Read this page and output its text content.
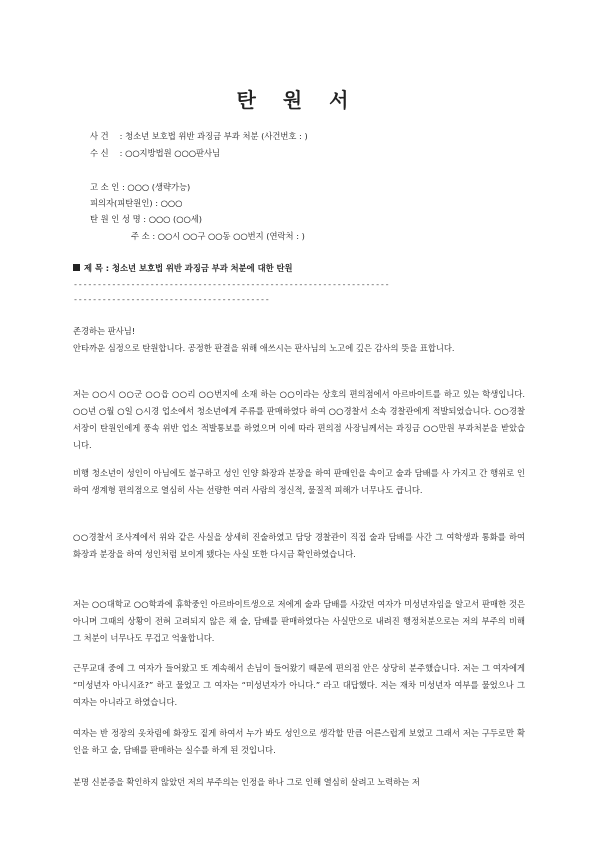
탄 원 서
사 건 : 청소년 보호법 위반 과징금 부과 처분 (사건번호 : )
수 신 : ○○지방법원 ○○○판사님
고 소 인 : ○○○ (생략가능)
피의자(피탄원인) : ○○○
탄 원 인 성 명 : ○○○ (○○세)
주 소 : ○○시 ○○구 ○○동 ○○번지 (연락처 : )
제 목 : 청소년 보호법 위반 과징금 부과 처분에 대한 탄원
------------------------------------------------------------------
-----------------------------------------
존경하는 판사님!
안타까운 심정으로 탄원합니다. 공정한 판결을 위해 애쓰시는 판사님의 노고에 깊은 감사의 뜻을 표합니다.
저는 ○○시 ○○군 ○○읍 ○○리 ○○번지에 소재 하는 ○○이라는 상호의 편의점에서 아르바이트를 하고 있는 학생입니다. ○○년 ○월 ○일 ○시경 업소에서 청소년에게 주류를 판매하였다 하여 ○○경찰서 소속 경찰관에게 적발되었습니다. ○○경찰서장이 탄원인에게 풍속 위반 업소 적발통보를 하였으며 이에 따라 편의점 사장님께서는 과징금 ○○만원 부과처분을 받았습니다.
비행 청소년이 성인이 아님에도 불구하고 성인 인양 화장과 분장을 하여 판매인을 속이고 술과 담배를 사 가지고 간 행위로 인하여 생계형 편의점으로 열심히 사는 선량한 여러 사람의 정신적, 물질적 피해가 너무나도 큽니다.
○○경찰서 조사계에서 위와 같은 사실을 상세히 진술하였고 담당 경찰관이 직접 술과 담배를 사간 그 여학생과 통화를 하여 화장과 분장을 하여 성인처럼 보이게 됐다는 사실 또한 다시금 확인하였습니다.
저는 ○○대학교 ○○학과에 휴학중인 아르바이트생으로 저에게 술과 담배를 사갔던 여자가 미성년자임을 알고서 판매한 것은 아니며 그때의 상황이 전혀 고려되지 않은 채 술, 담배를 판매하였다는 사실만으로 내려진 행정처분으로는 저의 부주의 비해 그 처분이 너무나도 무겁고 억울합니다.
근무교대 중에 그 여자가 들어왔고 또 계속해서 손님이 들어왔기 때문에 편의점 안은 상당히 분주했습니다. 저는 그 여자에게 “미성년자 아니시죠?” 하고 물었고 그 여자는 “미성년자가 아니다.” 라고 대답했다. 저는 재차 미성년자 여부를 물었으나 그 여자는 아니라고 하였습니다.
여자는 반 정장의 옷차림에 화장도 짙게 하여서 누가 봐도 성인으로 생각할 만큼 어른스럽게 보였고 그래서 저는 구두로만 확인을 하고 술, 담배를 판매하는 실수를 하게 된 것입니다.
분명 신분증을 확인하지 않았던 저의 부주의는 인정을 하나 그로 인해 열심히 살려고 노력하는 저
